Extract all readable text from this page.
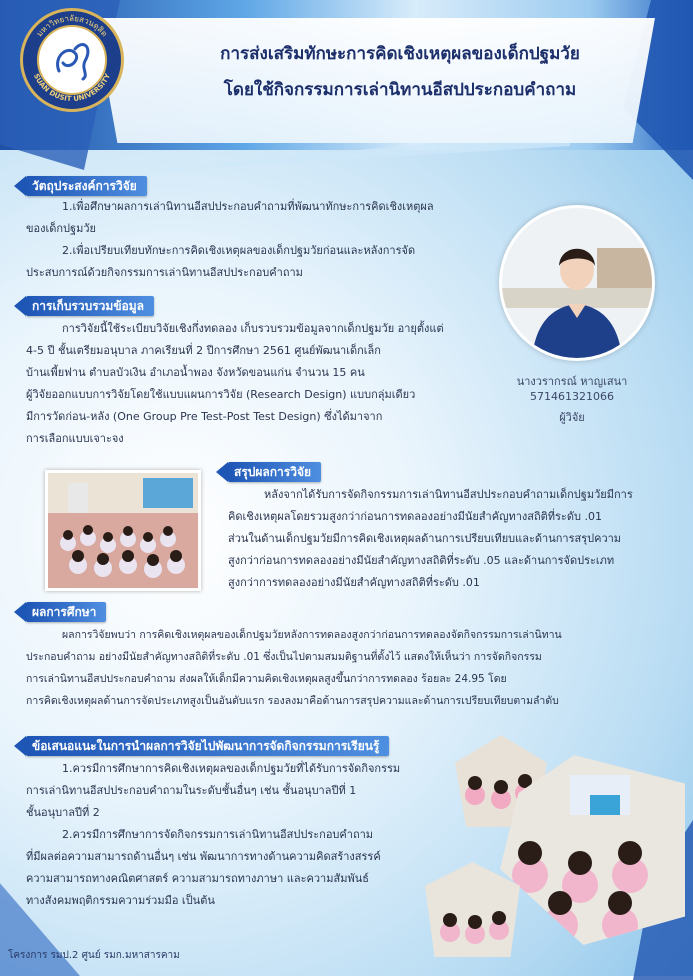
มหาวิทยาลัยสวนดุสิต
SUAN DUSIT UNIVERSITY
การส่งเสริมทักษะการคิดเชิงเหตุผลของเด็กปฐมวัย
โดยใช้กิจกรรมการเล่านิทานอีสปประกอบคำถาม
วัตถุประสงค์การวิจัย

1.เพื่อศึกษาผลการเล่านิทานอีสปประกอบคำถามที่พัฒนาทักษะการคิดเชิงเหตุผล

ของเด็กปฐมวัย

2.เพื่อเปรียบเทียบทักษะการคิดเชิงเหตุผลของเด็กปฐมวัยก่อนและหลังการจัด

ประสบการณ์ด้วยกิจกรรมการเล่านิทานอีสปประกอบคำถาม

นางวรากรณ์ หาญเสนา
571461321066
ผู้วิจัย
การเก็บรวบรวมข้อมูล

การวิจัยนี้ใช้ระเบียบวิจัยเชิงกึ่งทดลอง เก็บรวบรวมข้อมูลจากเด็กปฐมวัย อายุตั้งแต่

4-5 ปี ชั้นเตรียมอนุบาล ภาคเรียนที่ 2 ปีการศึกษา 2561 ศูนย์พัฒนาเด็กเล็ก

บ้านเพี้ยฟาน ตำบลบัวเงิน อำเภอน้ำพอง จังหวัดขอนแก่น จำนวน 15 คน

ผู้วิจัยออกแบบการวิจัยโดยใช้แบบแผนการวิจัย (Research Design) แบบกลุ่มเดียว

มีการวัดก่อน-หลัง (One Group Pre Test-Post Test Design) ซึ่งได้มาจาก

การเลือกแบบเจาะจง

สรุปผลการวิจัย

หลังจากได้รับการจัดกิจกรรมการเล่านิทานอีสปประกอบคำถามเด็กปฐมวัยมีการ

คิดเชิงเหตุผลโดยรวมสูงกว่าก่อนการทดลองอย่างมีนัยสำคัญทางสถิติที่ระดับ .01

ส่วนในด้านเด็กปฐมวัยมีการคิดเชิงเหตุผลด้านการเปรียบเทียบและด้านการสรุปความ

สูงกว่าก่อนการทดลองอย่างมีนัยสำคัญทางสถิติที่ระดับ .05 และด้านการจัดประเภท

สูงกว่าการทดลองอย่างมีนัยสำคัญทางสถิติที่ระดับ .01

ผลการศึกษา

ผลการวิจัยพบว่า การคิดเชิงเหตุผลของเด็กปฐมวัยหลังการทดลองสูงกว่าก่อนการทดลองจัดกิจกรรมการเล่านิทาน

ประกอบคำถาม อย่างมีนัยสำคัญทางสถิติที่ระดับ .01 ซึ่งเป็นไปตามสมมติฐานที่ตั้งไว้ แสดงให้เห็นว่า การจัดกิจกรรม

การเล่านิทานอีสปประกอบคำถาม ส่งผลให้เด็กมีความคิดเชิงเหตุผลสูงขึ้นกว่าการทดลอง ร้อยละ 24.95 โดย

การคิดเชิงเหตุผลด้านการจัดประเภทสูงเป็นอันดับแรก รองลงมาคือด้านการสรุปความและด้านการเปรียบเทียบตามลำดับ

ข้อเสนอแนะในการนำผลการวิจัยไปพัฒนาการจัดกิจกรรมการเรียนรู้

1.ควรมีการศึกษาการคิดเชิงเหตุผลของเด็กปฐมวัยที่ได้รับการจัดกิจกรรม

การเล่านิทานอีสปประกอบคำถามในระดับชั้นอื่นๆ เช่น ชั้นอนุบาลปีที่ 1

ชั้นอนุบาลปีที่ 2

2.ควรมีการศึกษาการจัดกิจกรรมการเล่านิทานอีสปประกอบคำถาม

ที่มีผลต่อความสามารถด้านอื่นๆ เช่น พัฒนาการทางด้านความคิดสร้างสรรค์

ความสามารถทางคณิตศาสตร์ ความสามารถทางภาษา และความสัมพันธ์

ทางสังคมพฤติกรรมความร่วมมือ เป็นต้น

โครงการ รมป.2 ศูนย์ รมก.มหาสารคาม
